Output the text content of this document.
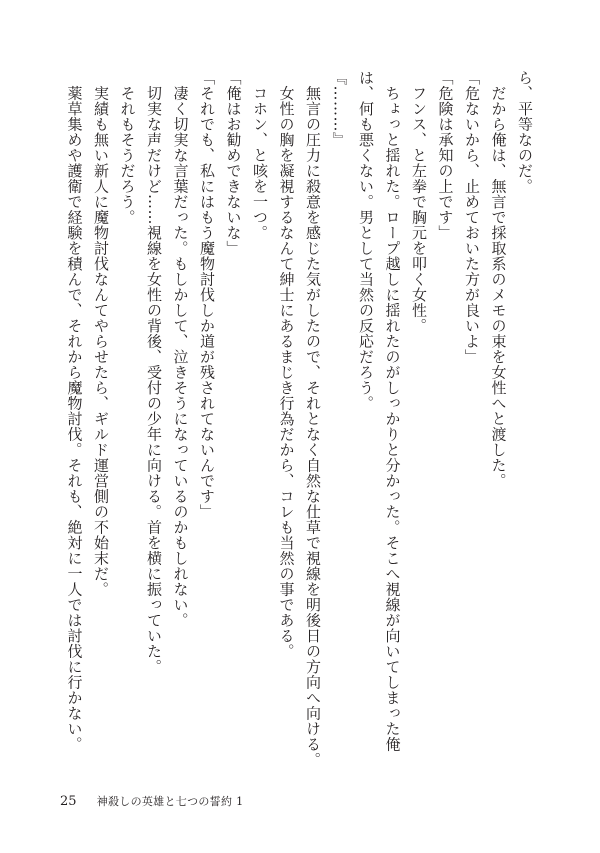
ら、平等なのだ。

　だから俺は、無言で採取系のメモの束を女性へと渡した。

「危ないから、止めておいた方が良いよ」

「危険は承知の上です」

　フンス、と左拳で胸元を叩く女性。

　ちょっと揺れた。ロープ越しに揺れたのがしっかりと分かった。そこへ視線が向いてしまった俺

は、何も悪くない。男として当然の反応だろう。

『………』

　無言の圧力に殺意を感じた気がしたので、それとなく自然な仕草で視線を明後日の方向へ向ける。

　女性の胸を凝視するなんて紳士にあるまじき行為だから、コレも当然の事である。

　コホン、と咳を一つ。

「俺はお勧めできないな」

「それでも、私にはもう魔物討伐しか道が残されてないんです」

　凄く切実な言葉だった。もしかして、泣きそうになっているのかもしれない。

　切実な声だけど……視線を女性の背後、受付の少年に向ける。首を横に振っていた。

　それもそうだろう。

　実績も無い新人に魔物討伐なんてやらせたら、ギルド運営側の不始末だ。

　薬草集めや護衛で経験を積んで、それから魔物討伐。それも、絶対に一人では討伐に行かない。

25 神殺しの英雄と七つの誓約 1
